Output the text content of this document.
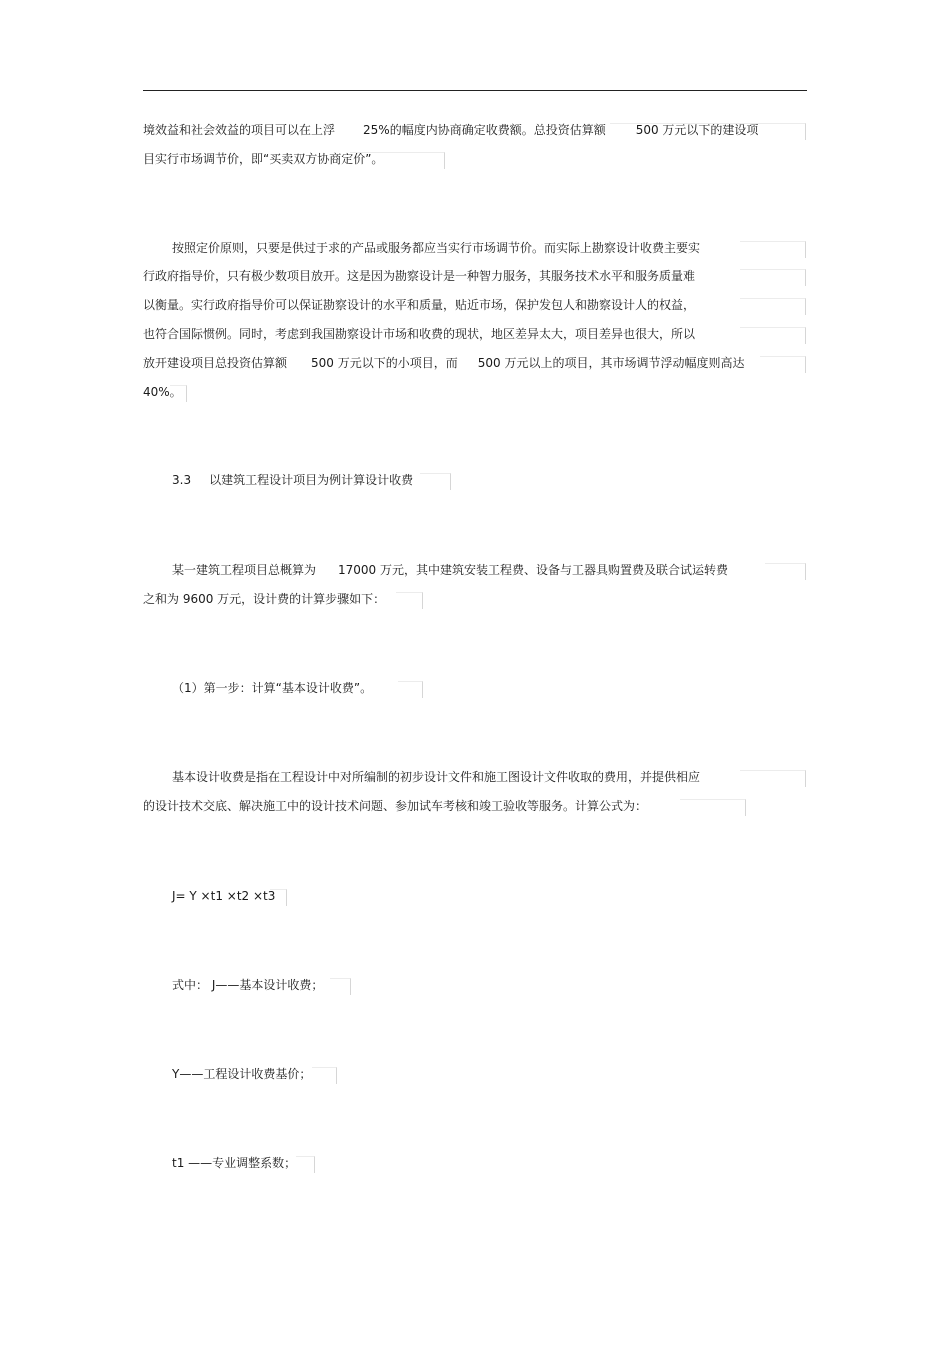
境效益和社会效益的项目可以在上浮 25%的幅度内协商确定收费额。总投资估算额	500 万元以下的建设项
目实行市场调节价，即“买卖双方协商定价”。
按照定价原则，只要是供过于求的产品或服务都应当实行市场调节价。而实际上勘察设计收费主要实
行政府指导价，只有极少数项目放开。这是因为勘察设计是一种智力服务，其服务技术水平和服务质量难
以衡量。实行政府指导价可以保证勘察设计的水平和质量，贴近市场，保护发包人和勘察设计人的权益，
也符合国际惯例。同时，考虑到我国勘察设计市场和收费的现状，地区差异太大，项目差异也很大，所以
放开建设项目总投资估算额 500 万元以下的小项目，而 500 万元以上的项目，其市场调节浮动幅度则高达
40%。
3.3 以建筑工程设计项目为例计算设计收费
某一建筑工程项目总概算为 17000 万元，其中建筑安装工程费、设备与工器具购置费及联合试运转费
之和为 9600 万元，设计费的计算步骤如下：
（1）第一步：计算“基本设计收费”。
基本设计收费是指在工程设计中对所编制的初步设计文件和施工图设计文件收取的费用，并提供相应
的设计技术交底、解决施工中的设计技术问题、参加试车考核和竣工验收等服务。计算公式为：
J= Y ×t1 ×t2 ×t3
式中： J——基本设计收费；
Y——工程设计收费基价；
t1 ——专业调整系数；
